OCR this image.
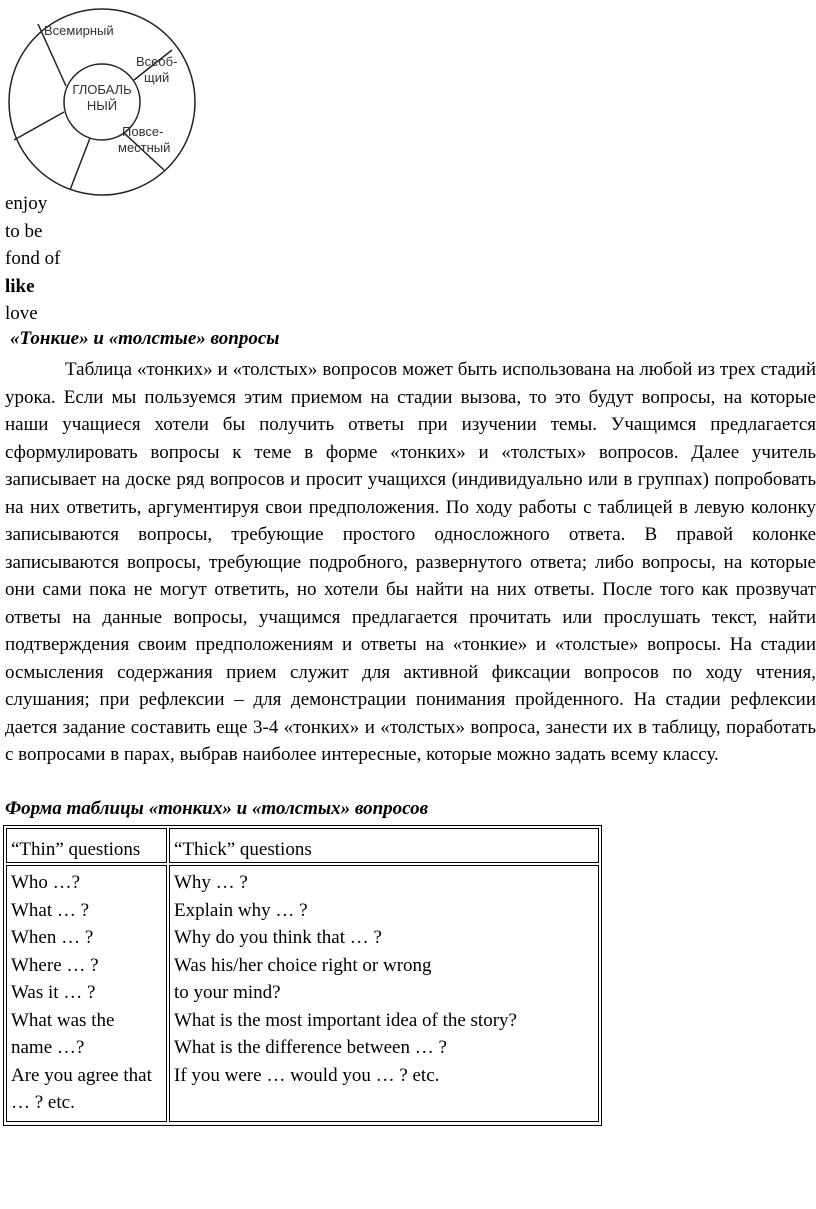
ГЛОБАЛЬ
НЫЙ
Всемирный
Всеоб-
щий
Повсе-
местный
enjoy
to be
fond of
like
love
«Тонкие» и «толстые» вопросы

Таблица «тонких» и «толстых» вопросов может быть использована на любой из трех стадий урока. Если мы пользуемся этим приемом на стадии вызова, то это будут вопросы, на которые наши учащиеся хотели бы получить ответы при изучении темы. Учащимся предлагается сформулировать вопросы к теме в форме «тонких» и «толстых» вопросов. Далее учитель записывает на доске ряд вопросов и просит учащихся (индивидуально или в группах) попробовать на них ответить, аргументируя свои предположения. По ходу работы с таблицей в левую колонку записываются вопросы, требующие простого односложного ответа. В правой колонке записываются вопросы, требующие подробного, развернутого ответа; либо вопросы, на которые они сами пока не могут ответить, но хотели бы найти на них ответы. После того как прозвучат ответы на данные вопросы, учащимся предлагается прочитать или прослушать текст, найти подтверждения своим предположениям и ответы на «тонкие» и «толстые» вопросы. На стадии осмысления содержания прием служит для активной фиксации вопросов по ходу чтения, слушания; при рефлексии – для демонстрации понимания пройденного. На стадии рефлексии дается задание составить еще 3-4 «тонких» и «толстых» вопроса, занести их в таблицу, поработать с вопросами в парах, выбрав наиболее интересные, которые можно задать всему классу.

Форма таблицы «тонких» и «толстых» вопросов
“Thin” questions “Thick” questions
Who …?
What … ?
When … ?
Where … ?
Was it … ?
What was the
name …?
Are you agree that
… ? etc.
Why … ?
Explain why … ?
Why do you think that … ?
Was his/her choice right or wrong
to your mind?
What is the most important idea of the story?
What is the difference between … ?
If you were … would you … ? etc.
